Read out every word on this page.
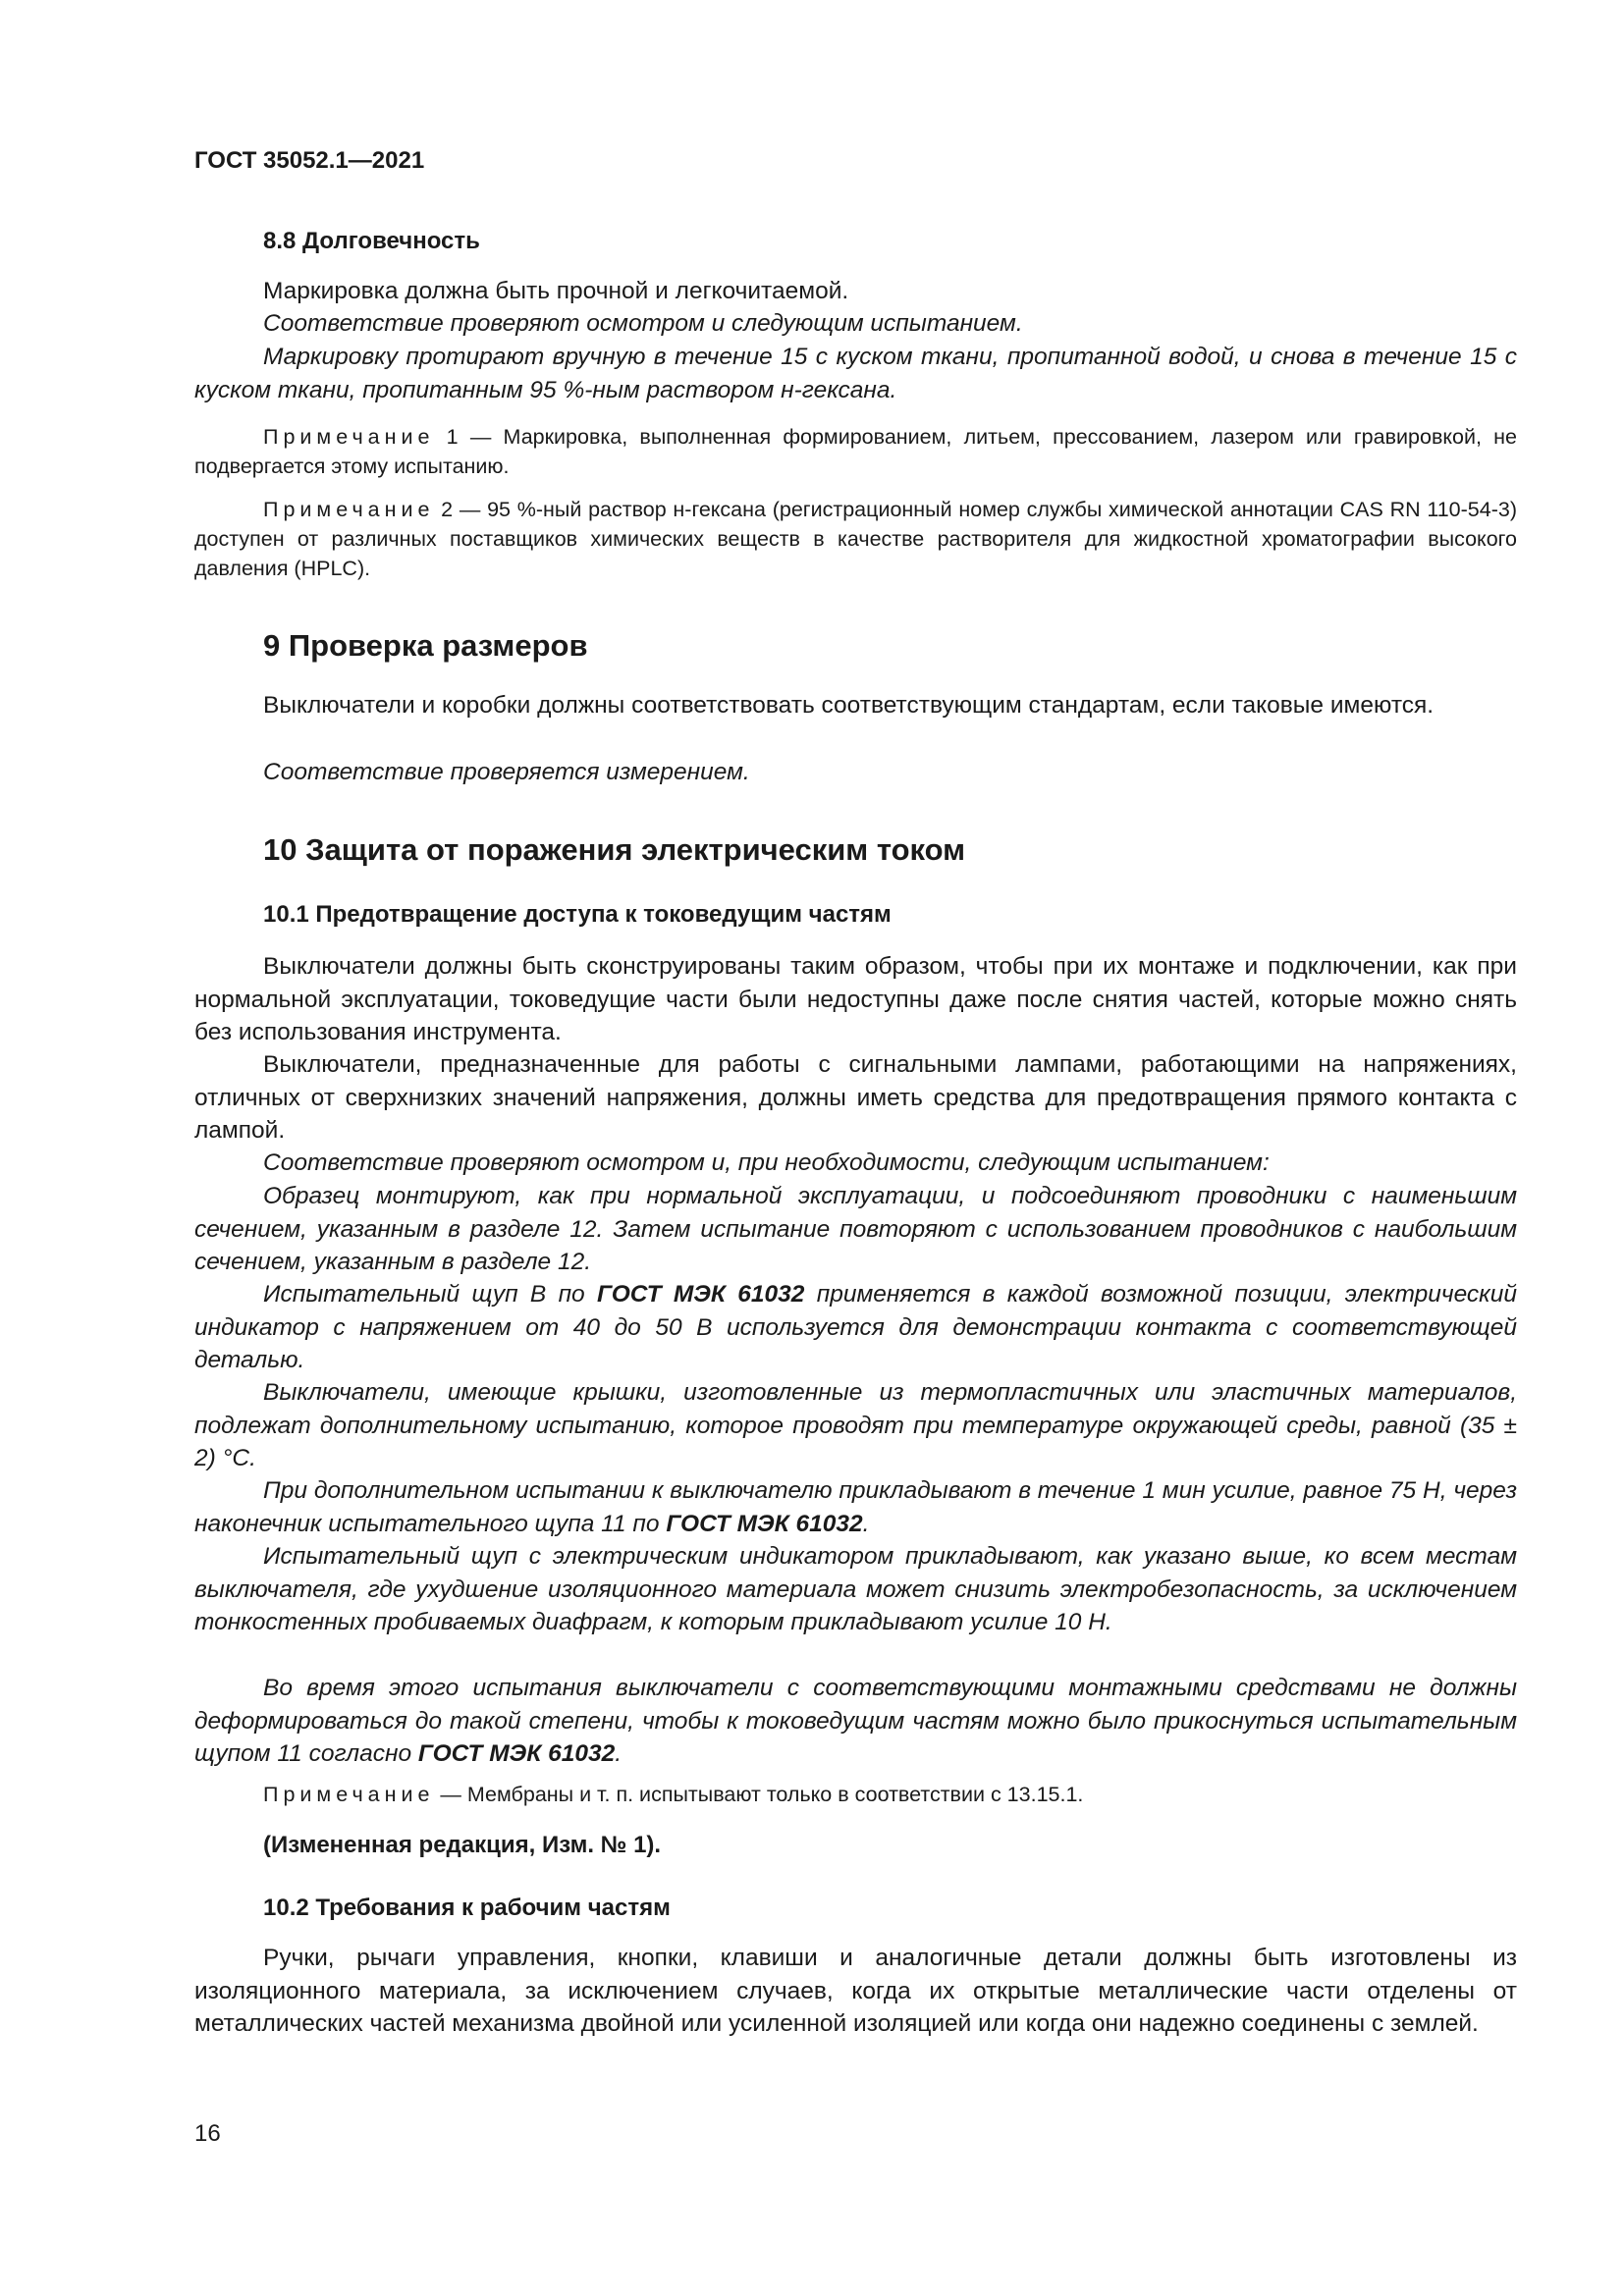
ГОСТ 35052.1—2021
8.8 Долговечность

Маркировка должна быть прочной и легкочитаемой.

Соответствие проверяют осмотром и следующим испытанием.

Маркировку протирают вручную в течение 15 с куском ткани, пропитанной водой, и снова в течение 15 с куском ткани, пропитанным 95 %-ным раствором н-гексана.

Примечание 1 — Маркировка, выполненная формированием, литьем, прессованием, лазером или гравировкой, не подвергается этому испытанию.

Примечание 2 — 95 %-ный раствор н-гексана (регистрационный номер службы химической аннотации CAS RN 110-54-3) доступен от различных поставщиков химических веществ в качестве растворителя для жидкостной хроматографии высокого давления (HPLC).

9 Проверка размеров

Выключатели и коробки должны соответствовать соответствующим стандартам, если таковые имеются.

Соответствие проверяется измерением.

10 Защита от поражения электрическим током
10.1 Предотвращение доступа к токоведущим частям

Выключатели должны быть сконструированы таким образом, чтобы при их монтаже и подключении, как при нормальной эксплуатации, токоведущие части были недоступны даже после снятия частей, которые можно снять без использования инструмента.

Выключатели, предназначенные для работы с сигнальными лампами, работающими на напряжениях, отличных от сверхнизких значений напряжения, должны иметь средства для предотвращения прямого контакта с лампой.

Соответствие проверяют осмотром и, при необходимости, следующим испытанием:

Образец монтируют, как при нормальной эксплуатации, и подсоединяют проводники с наименьшим сечением, указанным в разделе 12. Затем испытание повторяют с использованием проводников с наибольшим сечением, указанным в разделе 12.

Испытательный щуп В по ГОСТ МЭК 61032 применяется в каждой возможной позиции, электрический индикатор с напряжением от 40 до 50 В используется для демонстрации контакта с соответствующей деталью.

Выключатели, имеющие крышки, изготовленные из термопластичных или эластичных материалов, подлежат дополнительному испытанию, которое проводят при температуре окружающей среды, равной (35 ± 2) °С.

При дополнительном испытании к выключателю прикладывают в течение 1 мин усилие, равное 75 Н, через наконечник испытательного щупа 11 по ГОСТ МЭК 61032.

Испытательный щуп с электрическим индикатором прикладывают, как указано выше, ко всем местам выключателя, где ухудшение изоляционного материала может снизить электробезопасность, за исключением тонкостенных пробиваемых диафрагм, к которым прикладывают усилие 10 Н.

Во время этого испытания выключатели с соответствующими монтажными средствами не должны деформироваться до такой степени, чтобы к токоведущим частям можно было прикоснуться испытательным щупом 11 согласно ГОСТ МЭК 61032.

Примечание — Мембраны и т. п. испытывают только в соответствии с 13.15.1.

(Измененная редакция, Изм. № 1).
10.2 Требования к рабочим частям

Ручки, рычаги управления, кнопки, клавиши и аналогичные детали должны быть изготовлены из изоляционного материала, за исключением случаев, когда их открытые металлические части отделены от металлических частей механизма двойной или усиленной изоляцией или когда они надежно соединены с землей.

16
